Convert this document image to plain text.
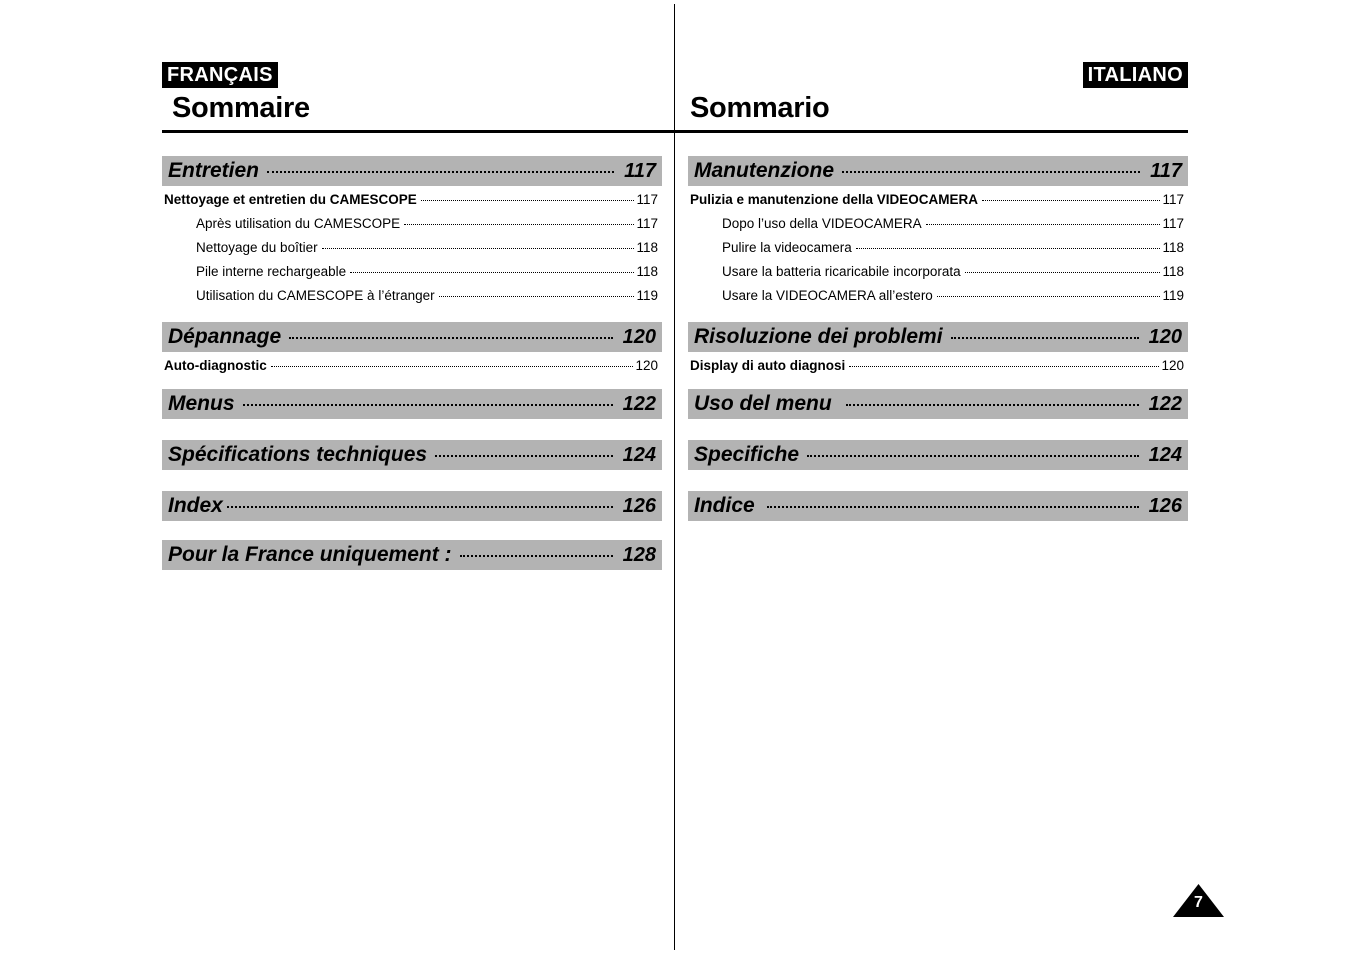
FRANÇAIS
Sommaire
Entretien	117
Nettoyage et entretien du CAMESCOPE	117
Après utilisation du CAMESCOPE	117
Nettoyage du boîtier	118
Pile interne rechargeable	118
Utilisation du CAMESCOPE à l’étranger	119
Dépannage	120
Auto-diagnostic	120
Menus	122
Spécifications techniques	124
Index	126
Pour la France uniquement :	128
ITALIANO
Sommario
Manutenzione	117
Pulizia e manutenzione della VIDEOCAMERA	117
Dopo l’uso della VIDEOCAMERA	117
Pulire la videocamera	118
Usare la batteria ricaricabile incorporata	118
Usare la VIDEOCAMERA all’estero	119
Risoluzione dei problemi	120
Display di auto diagnosi	120
Uso del menu	122
Specifiche	124
Indice	126
7
